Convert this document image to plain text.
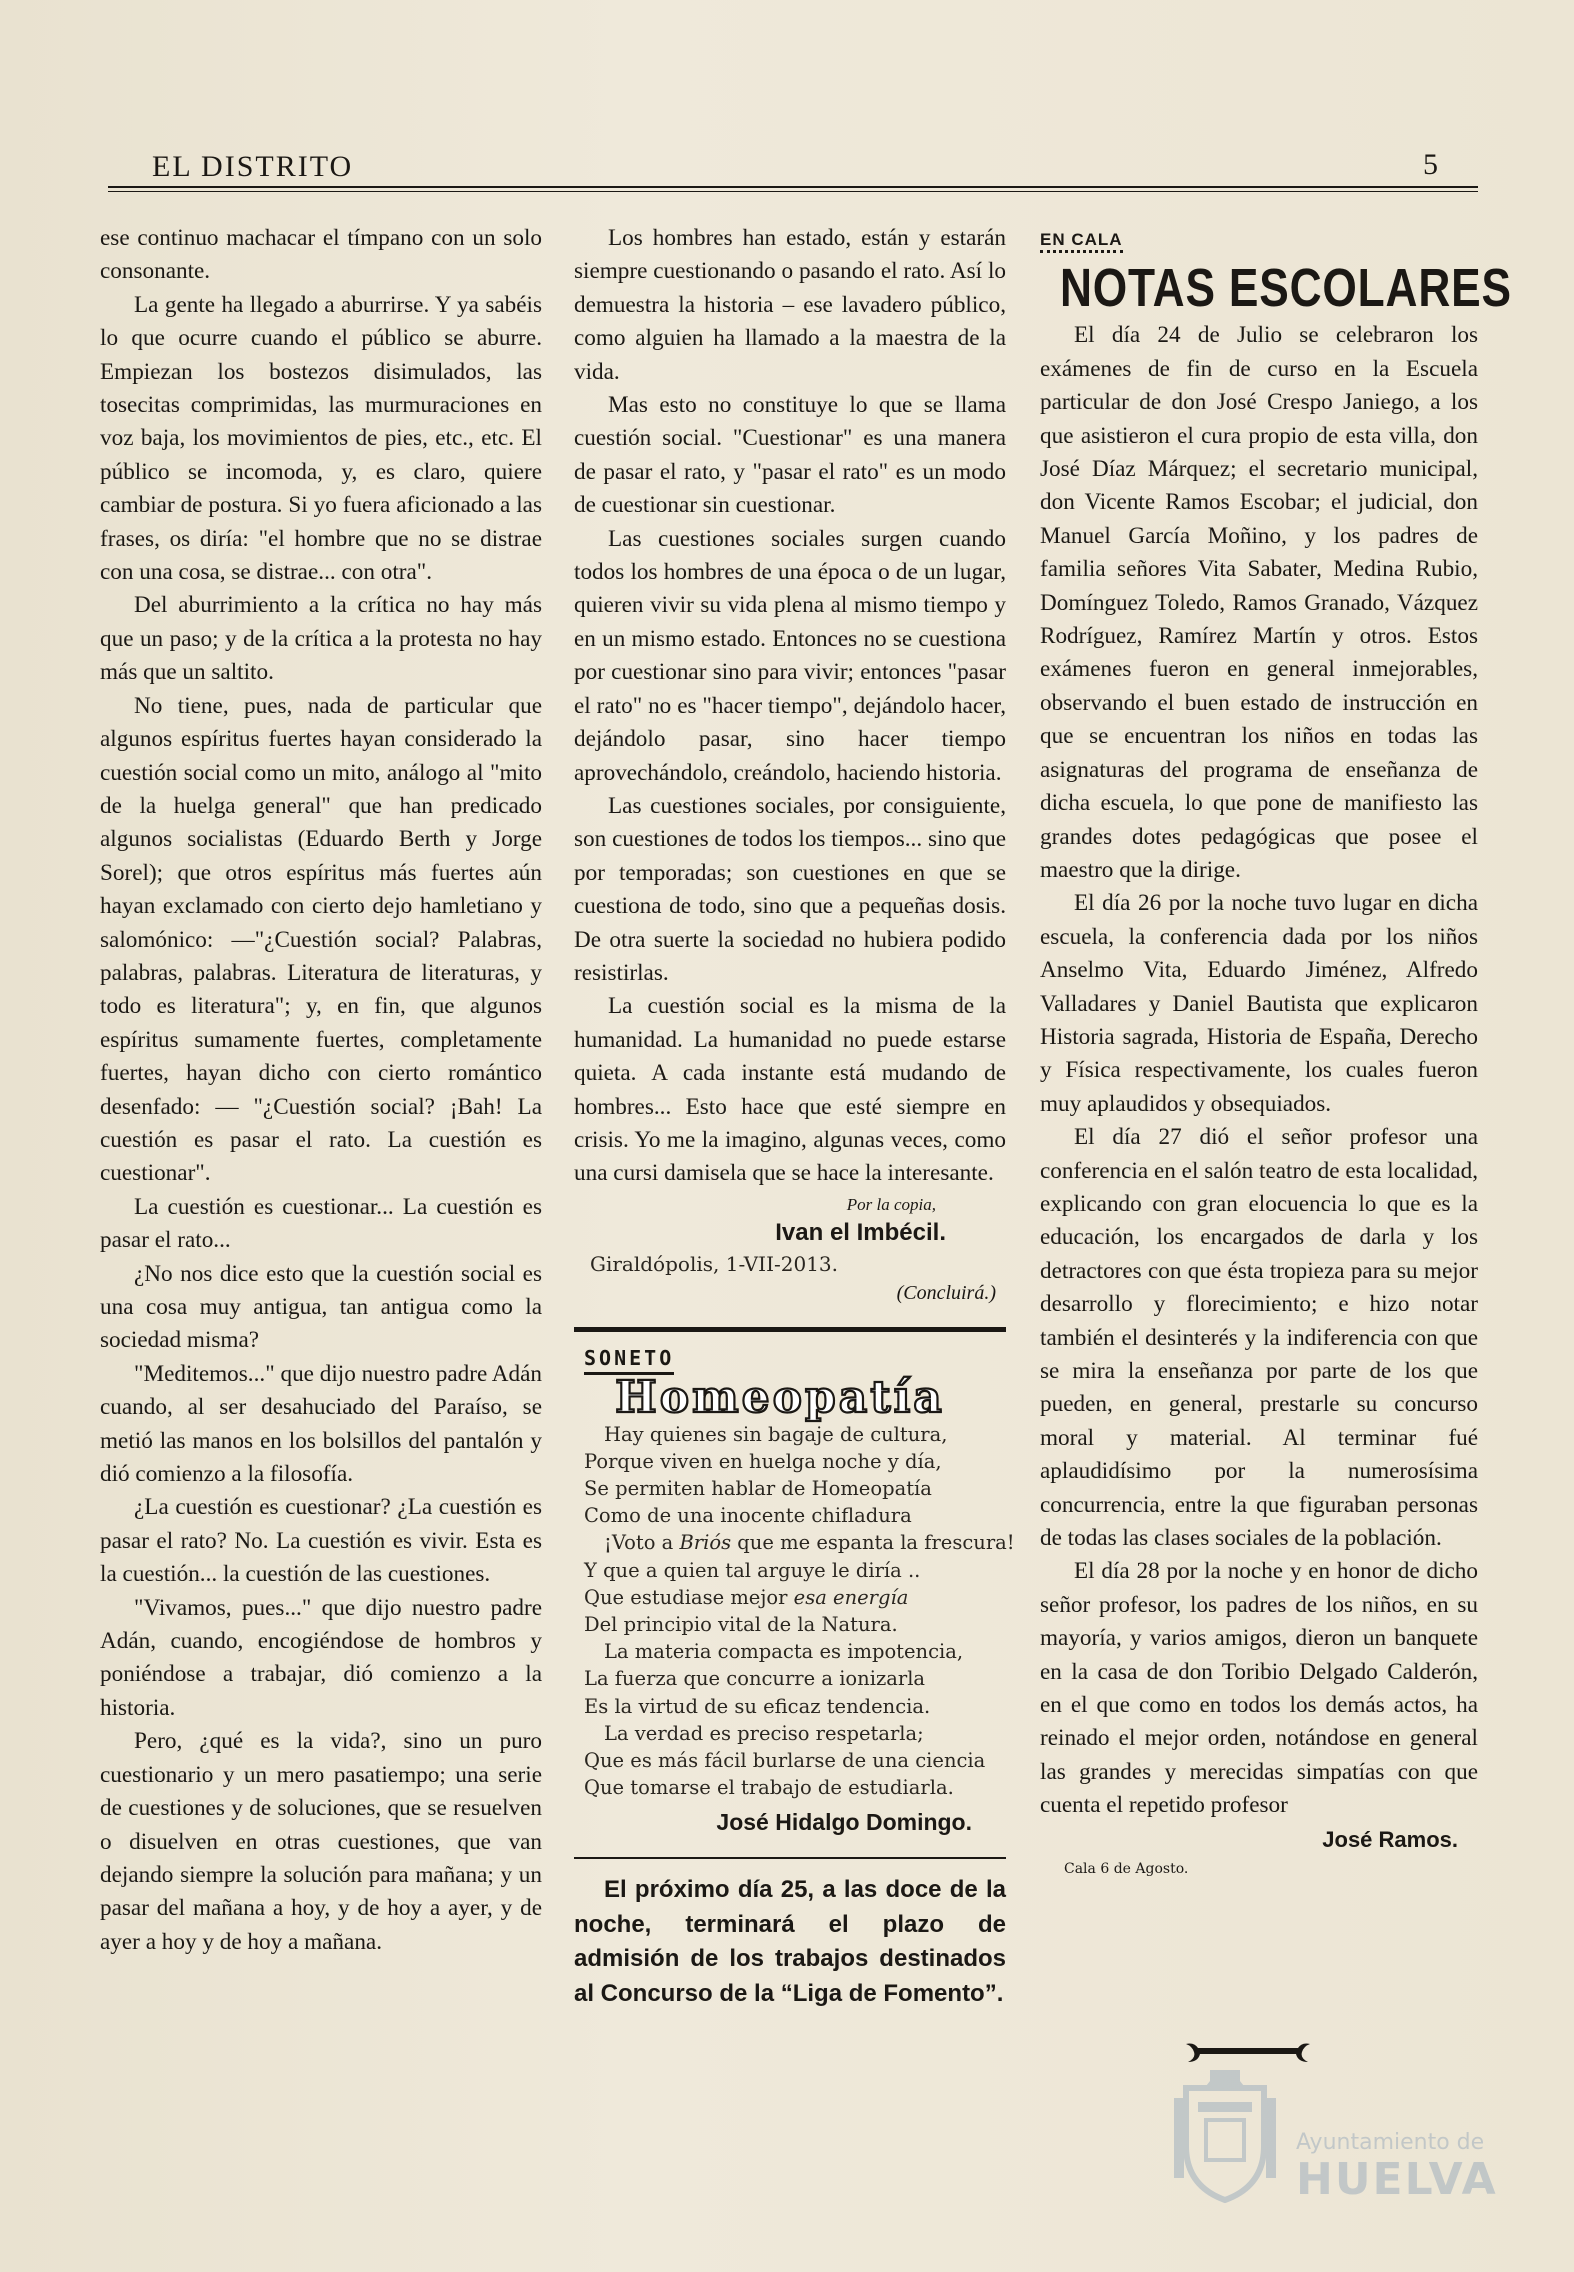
EL DISTRITO	5

ese continuo machacar el tímpano con un solo consonante.

La gente ha llegado a aburrirse. Y ya sabéis lo que ocurre cuando el público se aburre. Empiezan los bostezos disimulados, las tosecitas comprimidas, las murmuraciones en voz baja, los movimientos de pies, etc., etc. El público se incomoda, y, es claro, quiere cambiar de postura. Si yo fuera aficionado a las frases, os diría: "el hombre que no se distrae con una cosa, se distrae... con otra".

Del aburrimiento a la crítica no hay más que un paso; y de la crítica a la protesta no hay más que un saltito.

No tiene, pues, nada de particular que algunos espíritus fuertes hayan considerado la cuestión social como un mito, análogo al "mito de la huelga general" que han predicado algunos socialistas (Eduardo Berth y Jorge Sorel); que otros espíritus más fuertes aún hayan exclamado con cierto dejo hamletiano y salomónico: —"¿Cuestión social? Palabras, palabras, palabras. Literatura de literaturas, y todo es literatura"; y, en fin, que algunos espíritus sumamente fuertes, completamente fuertes, hayan dicho con cierto romántico desenfado: — "¿Cuestión social? ¡Bah! La cuestión es pasar el rato. La cuestión es cuestionar".

La cuestión es cuestionar... La cuestión es pasar el rato...

¿No nos dice esto que la cuestión social es una cosa muy antigua, tan antigua como la sociedad misma?

"Meditemos..." que dijo nuestro padre Adán cuando, al ser desahuciado del Paraíso, se metió las manos en los bolsillos del pantalón y dió comienzo a la filosofía.

¿La cuestión es cuestionar? ¿La cuestión es pasar el rato? No. La cuestión es vivir. Esta es la cuestión... la cuestión de las cuestiones.

"Vivamos, pues..." que dijo nuestro padre Adán, cuando, encogiéndose de hombros y poniéndose a trabajar, dió comienzo a la historia.

Pero, ¿qué es la vida?, sino un puro cuestionario y un mero pasatiempo; una serie de cuestiones y de soluciones, que se resuelven o disuelven en otras cuestiones, que van dejando siempre la solución para mañana; y un pasar del mañana a hoy, y de hoy a ayer, y de ayer a hoy y de hoy a mañana.

Los hombres han estado, están y estarán siempre cuestionando o pasando el rato. Así lo demuestra la historia – ese lavadero público, como alguien ha llamado a la maestra de la vida.

Mas esto no constituye lo que se llama cuestión social. "Cuestionar" es una manera de pasar el rato, y "pasar el rato" es un modo de cuestionar sin cuestionar.

Las cuestiones sociales surgen cuando todos los hombres de una época o de un lugar, quieren vivir su vida plena al mismo tiempo y en un mismo estado. Entonces no se cuestiona por cuestionar sino para vivir; entonces "pasar el rato" no es "hacer tiempo", dejándolo hacer, dejándolo pasar, sino hacer tiempo aprovechándolo, creándolo, haciendo historia.

Las cuestiones sociales, por consiguiente, son cuestiones de todos los tiempos... sino que por temporadas; son cuestiones en que se cuestiona de todo, sino que a pequeñas dosis. De otra suerte la sociedad no hubiera podido resistirlas.

La cuestión social es la misma de la humanidad. La humanidad no puede estarse quieta. A cada instante está mudando de hombres... Esto hace que esté siempre en crisis. Yo me la imagino, algunas veces, como una cursi damisela que se hace la interesante.

Por la copia,
Ivan el Imbécil.
Giraldópolis, 1-VII-2013.
(Concluirá.)
SONETO
Homeopatía
Hay quienes sin bagaje de cultura,
Porque viven en huelga noche y día,
Se permiten hablar de Homeopatía
Como de una inocente chifladura
¡Voto a Briós que me espanta la frescura!
Y que a quien tal arguye le diría ..
Que estudiase mejor esa energía
Del principio vital de la Natura.
La materia compacta es impotencia,
La fuerza que concurre a ionizarla
Es la virtud de su eficaz tendencia.
La verdad es preciso respetarla;
Que es más fácil burlarse de una ciencia
Que tomarse el trabajo de estudiarla.
José Hidalgo Domingo.

El próximo día 25, a las doce de la noche, terminará el plazo de admisión de los trabajos destinados al Concurso de la “Liga de Fomento”.

EN CALA
NOTAS ESCOLARES

El día 24 de Julio se celebraron los exámenes de fin de curso en la Escuela particular de don José Crespo Janiego, a los que asistieron el cura propio de esta villa, don José Díaz Márquez; el secretario municipal, don Vicente Ramos Escobar; el judicial, don Manuel García Moñino, y los padres de familia señores Vita Sabater, Medina Rubio, Domínguez Toledo, Ramos Granado, Vázquez Rodríguez, Ramírez Martín y otros. Estos exámenes fueron en general inmejorables, observando el buen estado de instrucción en que se encuentran los niños en todas las asignaturas del programa de enseñanza de dicha escuela, lo que pone de manifiesto las grandes dotes pedagógicas que posee el maestro que la dirige.

El día 26 por la noche tuvo lugar en dicha escuela, la conferencia dada por los niños Anselmo Vita, Eduardo Jiménez, Alfredo Valladares y Daniel Bautista que explicaron Historia sagrada, Historia de España, Derecho y Física respectivamente, los cuales fueron muy aplaudidos y obsequiados.

El día 27 dió el señor profesor una conferencia en el salón teatro de esta localidad, explicando con gran elocuencia lo que es la educación, los encargados de darla y los detractores con que ésta tropieza para su mejor desarrollo y florecimiento; e hizo notar también el desinterés y la indiferencia con que se mira la enseñanza por parte de los que pueden, en general, prestarle su concurso moral y material. Al terminar fué aplaudidísimo por la numerosísima concurrencia, entre la que figuraban personas de todas las clases sociales de la población.

El día 28 por la noche y en honor de dicho señor profesor, los padres de los niños, en su mayoría, y varios amigos, dieron un banquete en la casa de don Toribio Delgado Calderón, en el que como en todos los demás actos, ha reinado el mejor orden, notándose en general las grandes y merecidas simpatías con que cuenta el repetido profesor

José Ramos.
Cala 6 de Agosto.
Ayuntamiento de
HUELVA
